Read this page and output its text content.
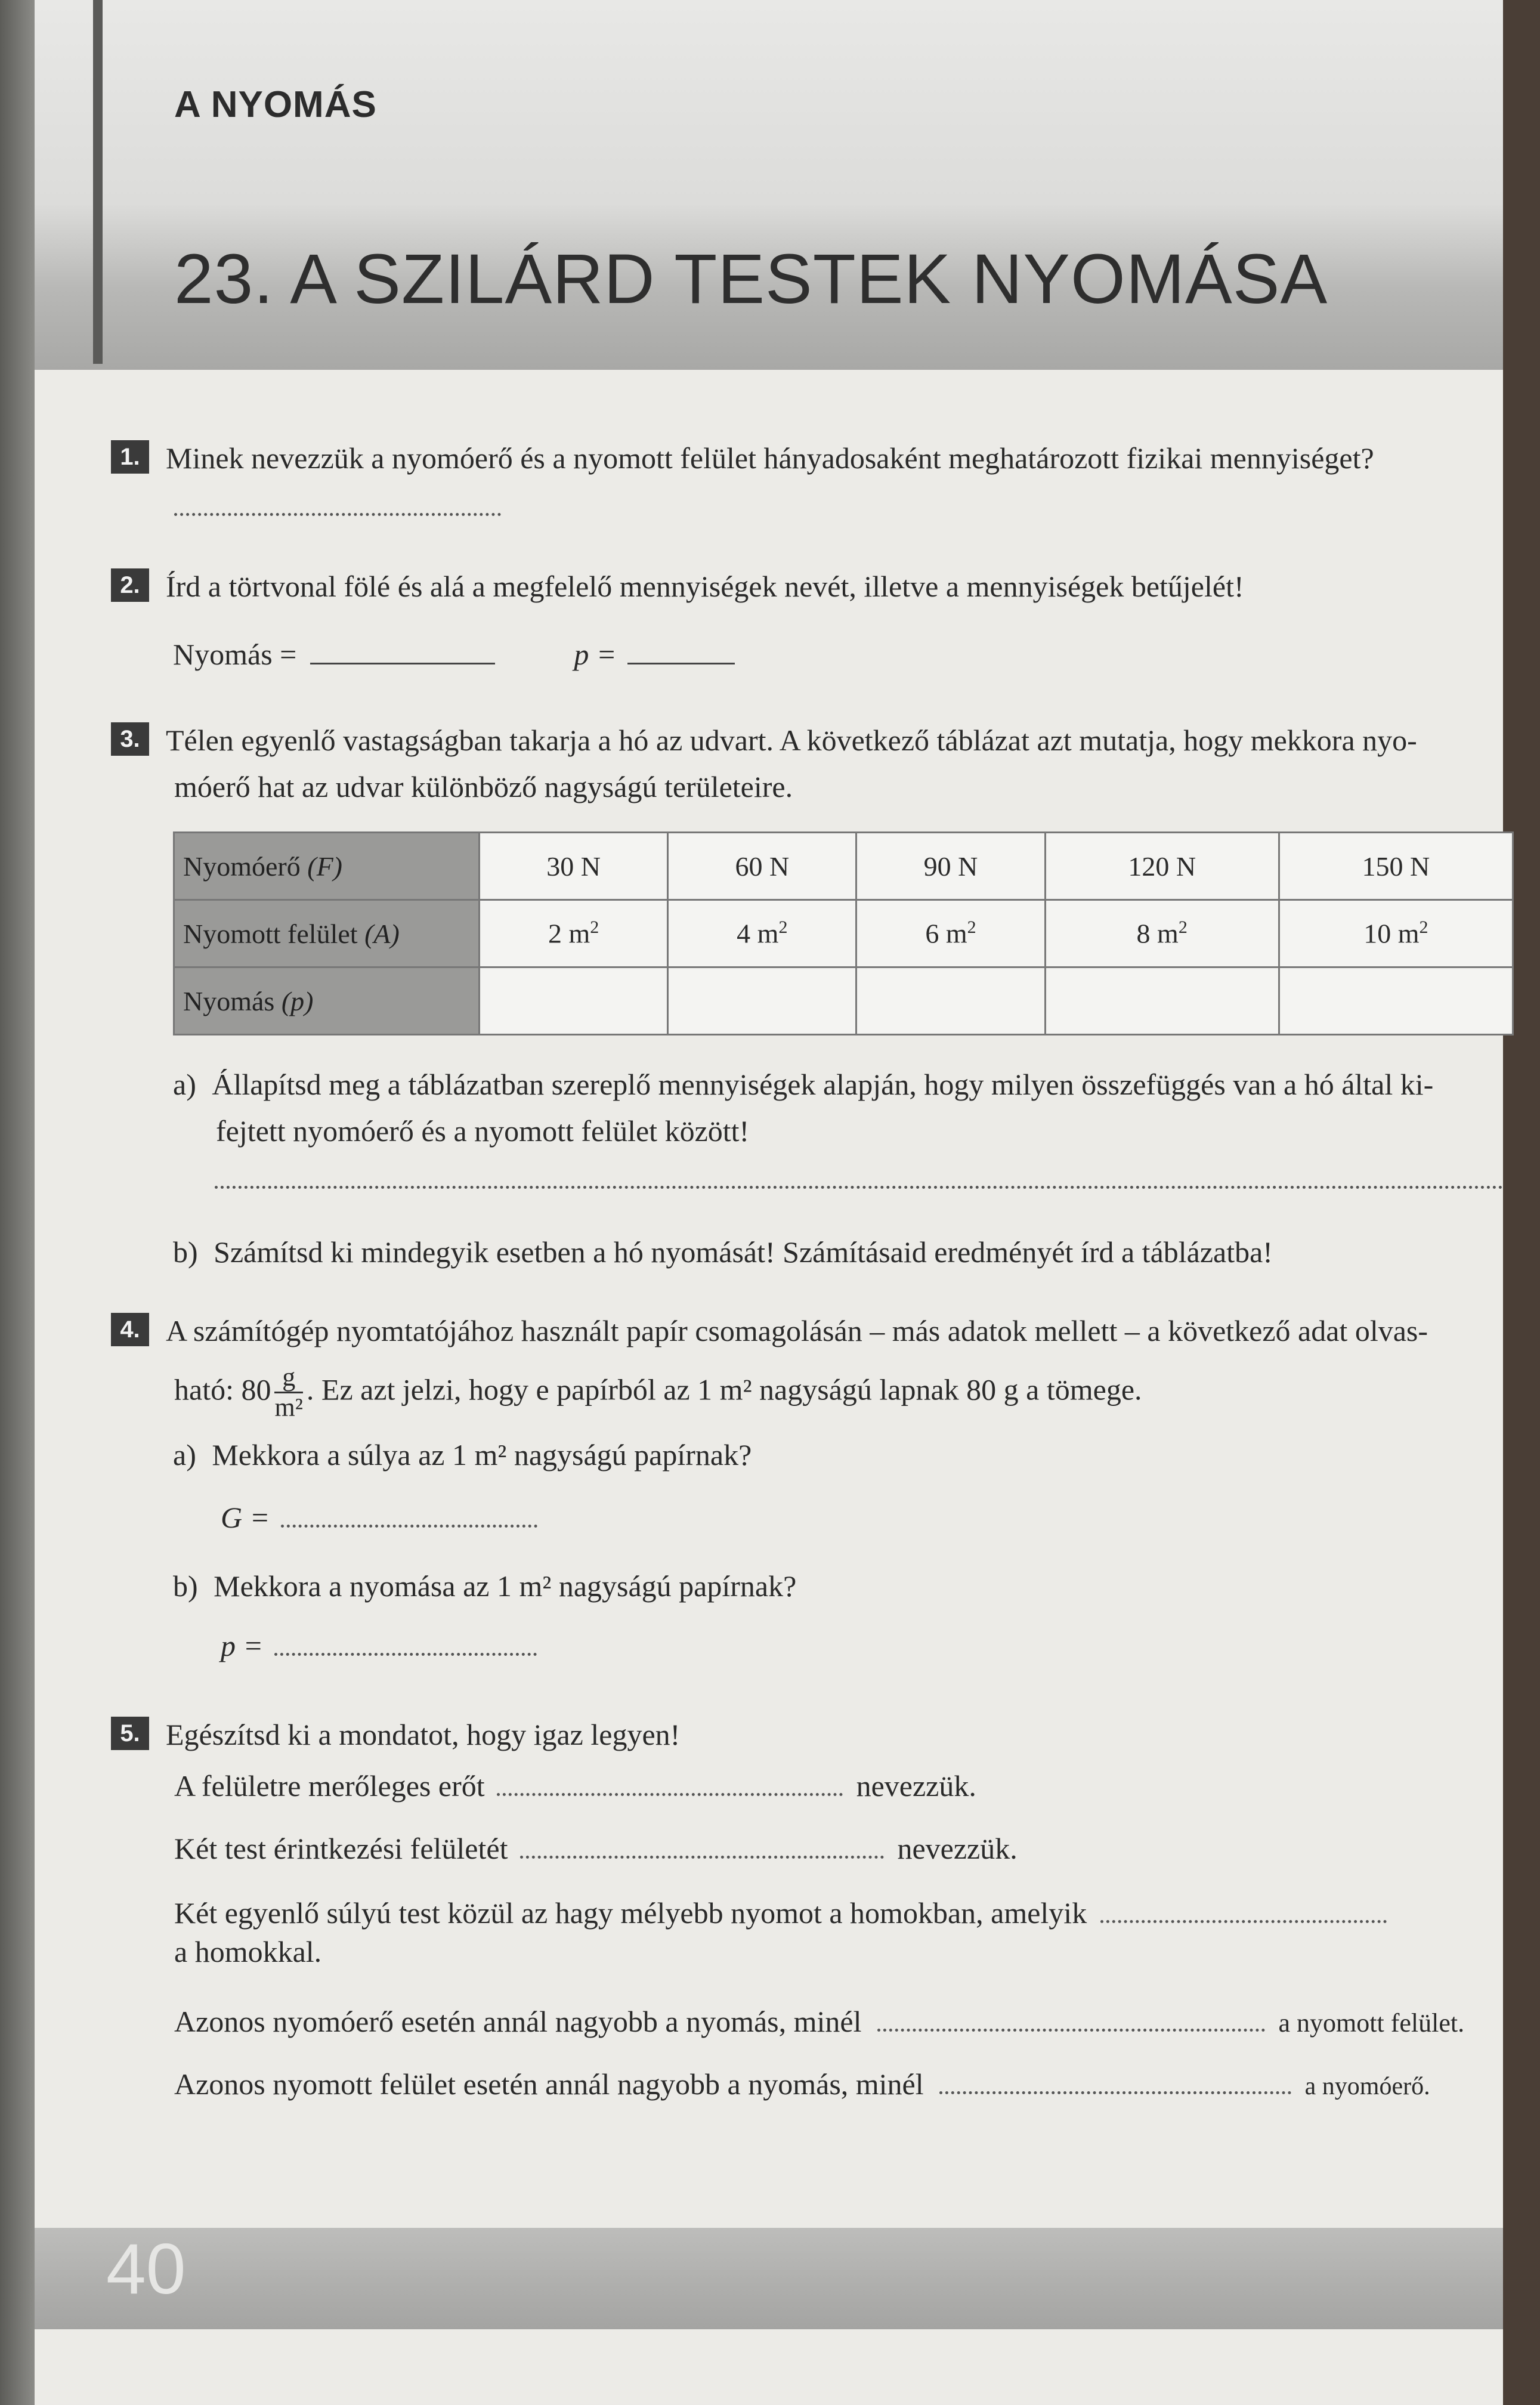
A NYOMÁS
23. A SZILÁRD TESTEK NYOMÁSA
1. Minek nevezzük a nyomóerő és a nyomott felület hányadosaként meghatározott fizikai mennyiséget?
2. Írd a törtvonal fölé és alá a megfelelő mennyiségek nevét, illetve a mennyiségek betűjelét!
Nyomás =	p =
3. Télen egyenlő vastagságban takarja a hó az udvart. A következő táblázat azt mutatja, hogy mekkora nyo-
móerő hat az udvar különböző nagyságú területeire.
Nyomóerő (F)	30 N	60 N	90 N	120 N	150 N
Nyomott felület (A)	2 $m^2$	4 $m^2$	6 $m^2$	8 $m^2$	10 $m^2$
Nyomás (p)					
a) Állapítsd meg a táblázatban szereplő mennyiségek alapján, hogy milyen összefüggés van a hó által ki-
fejtett nyomóerő és a nyomott felület között!
b) Számítsd ki mindegyik esetben a hó nyomását! Számításaid eredményét írd a táblázatba!
4. A számítógép nyomtatójához használt papír csomagolásán – más adatok mellett – a következő adat olvas-
ható: $80 \frac{g}{\text{m²}}$ . Ez azt jelzi, hogy e papírból az 1 m² nagyságú lapnak 80 g a tömege.
a) Mekkora a súlya az 1 m² nagyságú papírnak?
G =
b) Mekkora a nyomása az 1 m² nagyságú papírnak?
p =
5. Egészítsd ki a mondatot, hogy igaz legyen!
A felületre merőleges erőt	nevezzük.
Két test érintkezési felületét	nevezzük.
Két egyenlő súlyú test közül az hagy mélyebb nyomot a homokban, amelyik
a homokkal.
Azonos nyomóerő esetén annál nagyobb a nyomás, minél	a nyomott felület.
Azonos nyomott felület esetén annál nagyobb a nyomás, minél	a nyomóerő.
40
